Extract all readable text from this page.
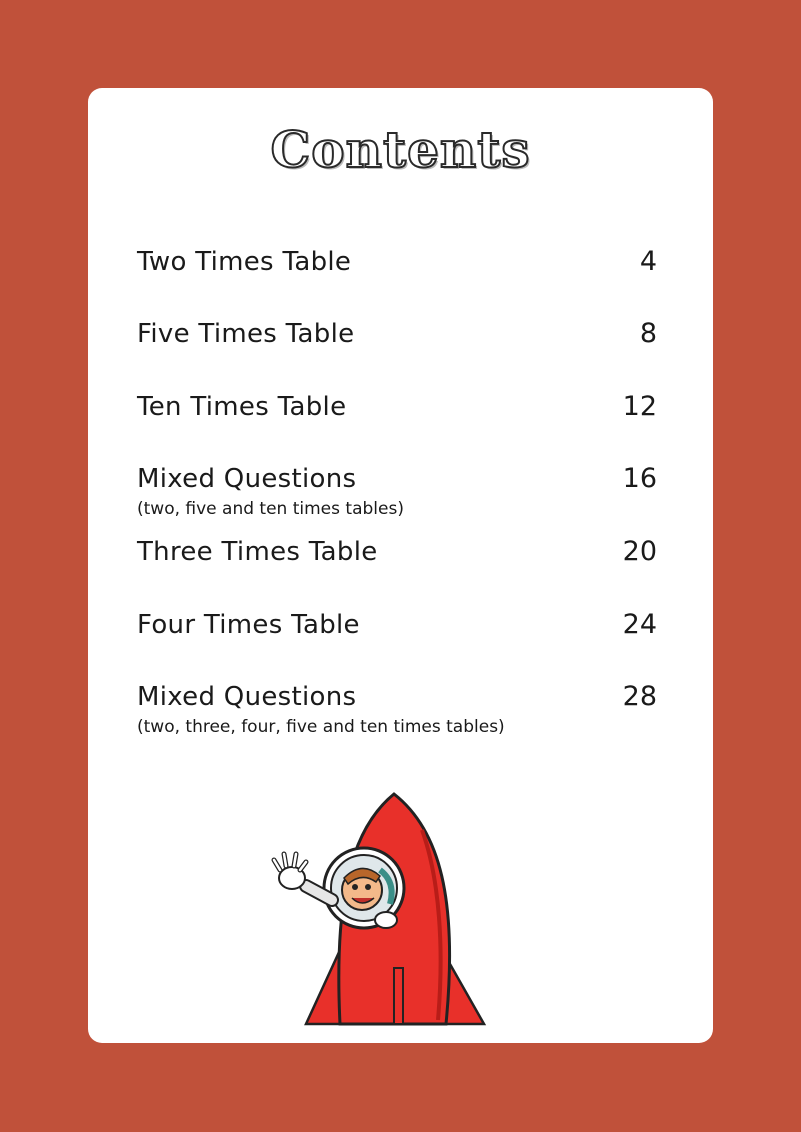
Contents
Two Times Table	4
Five Times Table	8
Ten Times Table	12
Mixed Questions	16
(two, five and ten times tables)
Three Times Table	20
Four Times Table	24
Mixed Questions	28
(two, three, four, five and ten times tables)
